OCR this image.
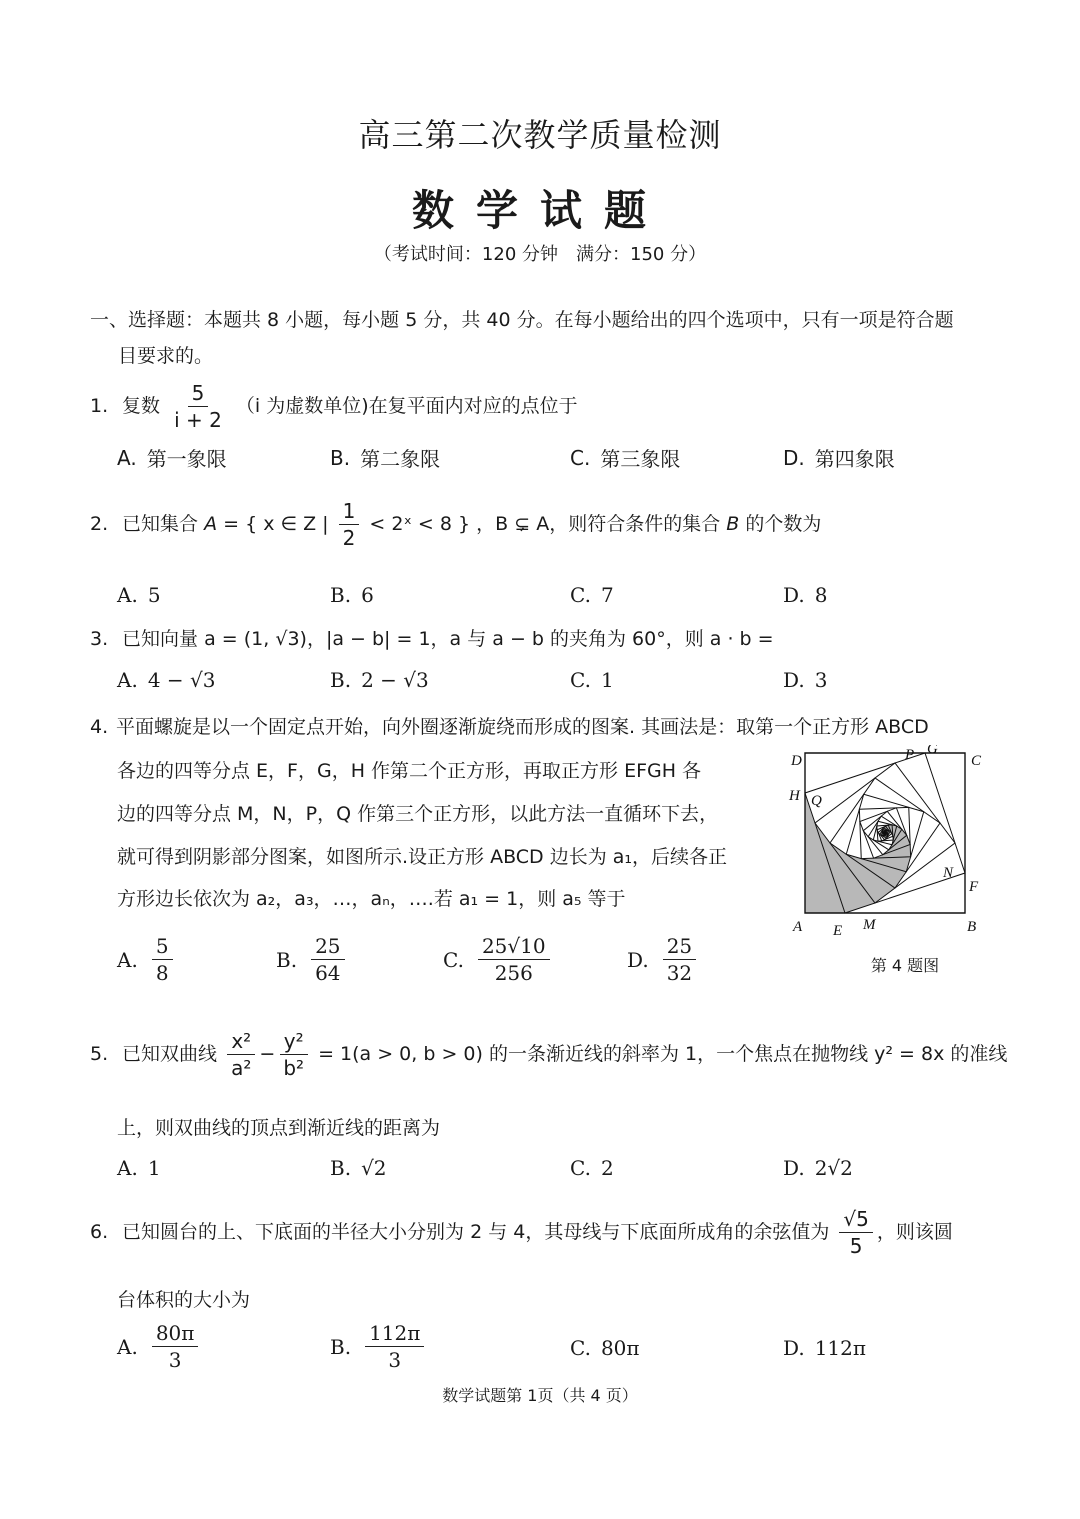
高三第二次教学质量检测
数学试题
（考试时间：120 分钟　满分：150 分）
一、选择题：本题共 8 小题，每小题 5 分，共 40 分。在每小题给出的四个选项中，只有一项是符合题
目要求的。
1. 复数 $\frac{5}{i + 2} (i$ 为虚数单位)在复平面内对应的点位于
A. 第一象限	B. 第二象限	C. 第三象限	D. 第四象限
2. 已知集合 A = { x ∈ Z | $\frac{1}{2}$ < 2ˣ < 8 } ，B ⊊ A，则符合条件的集合 B 的个数为
A. 5	B. 6	C. 7	D. 8
3. 已知向量 a = (1, √3)，|a − b| = 1，a 与 a − b 的夹角为 60°，则 a · b =
A. 4 − √3	B. 2 − √3	C. 1	D. 3
4. 平面螺旋是以一个固定点开始，向外圈逐渐旋绕而形成的图案. 其画法是：取第一个正方形 ABCD
各边的四等分点 E，F，G，H 作第二个正方形，再取正方形 EFGH 各
边的四等分点 M，N，P，Q 作第三个正方形，以此方法一直循环下去，
就可得到阴影部分图案，如图所示.设正方形 ABCD 边长为 a₁，后续各正
方形边长依次为 a₂，a₃，…，aₙ，….若 a₁ = 1，则 a₅ 等于
D	P G
C
H Q
N
F
A E M	B
第 4 题图
A. $\frac{5}{8}$	B. $\frac{25}{64}$	C. $\frac{25√10}{256}$	D. $\frac{25}{32}$
5. 已知双曲线 $\frac{\text{x²}}{\text{a²}} - \frac{\text{y²}}{\text{b²}} = 1(a > 0$, b > 0) 的一条渐近线的斜率为 1，一个焦点在抛物线 y² = 8x 的准线
上，则双曲线的顶点到渐近线的距离为
A. 1	B. √2	C. 2	D. 2√2
6. 已知圆台的上、下底面的半径大小分别为 2 与 4，其母线与下底面所成角的余弦值为 $\frac{√5}{5}$ ，则该圆
台体积的大小为
A. $\frac{80\pi}{3}$	B. $\frac{112\pi}{3}$	C. 80π	D. 112π
数学试题第 1页（共 4 页）
